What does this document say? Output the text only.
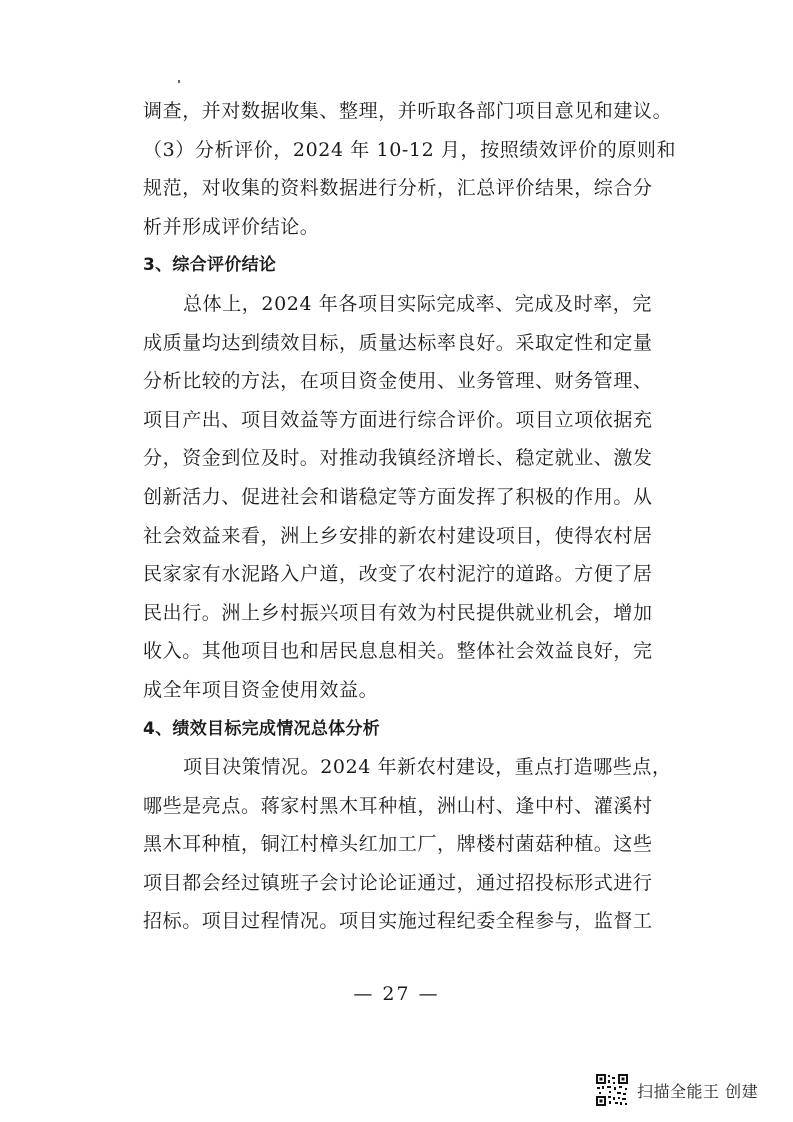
调查，并对数据收集、整理，并听取各部门项目意见和建议。
（3）分析评价，2024 年 10-12 月，按照绩效评价的原则和
规范，对收集的资料数据进行分析，汇总评价结果，综合分
析并形成评价结论。
3、综合评价结论
总体上，2024 年各项目实际完成率、完成及时率，完
成质量均达到绩效目标，质量达标率良好。采取定性和定量
分析比较的方法，在项目资金使用、业务管理、财务管理、
项目产出、项目效益等方面进行综合评价。项目立项依据充
分，资金到位及时。对推动我镇经济增长、稳定就业、激发
创新活力、促进社会和谐稳定等方面发挥了积极的作用。从
社会效益来看，洲上乡安排的新农村建设项目，使得农村居
民家家有水泥路入户道，改变了农村泥泞的道路。方便了居
民出行。洲上乡村振兴项目有效为村民提供就业机会，增加
收入。其他项目也和居民息息相关。整体社会效益良好，完
成全年项目资金使用效益。
4、绩效目标完成情况总体分析
项目决策情况。2024 年新农村建设，重点打造哪些点，
哪些是亮点。蒋家村黑木耳种植，洲山村、逢中村、灌溪村
黑木耳种植，铜江村樟头红加工厂，牌楼村菌菇种植。这些
项目都会经过镇班子会讨论论证通过，通过招投标形式进行
招标。项目过程情况。项目实施过程纪委全程参与，监督工
— 27 —
扫描全能王 创建
